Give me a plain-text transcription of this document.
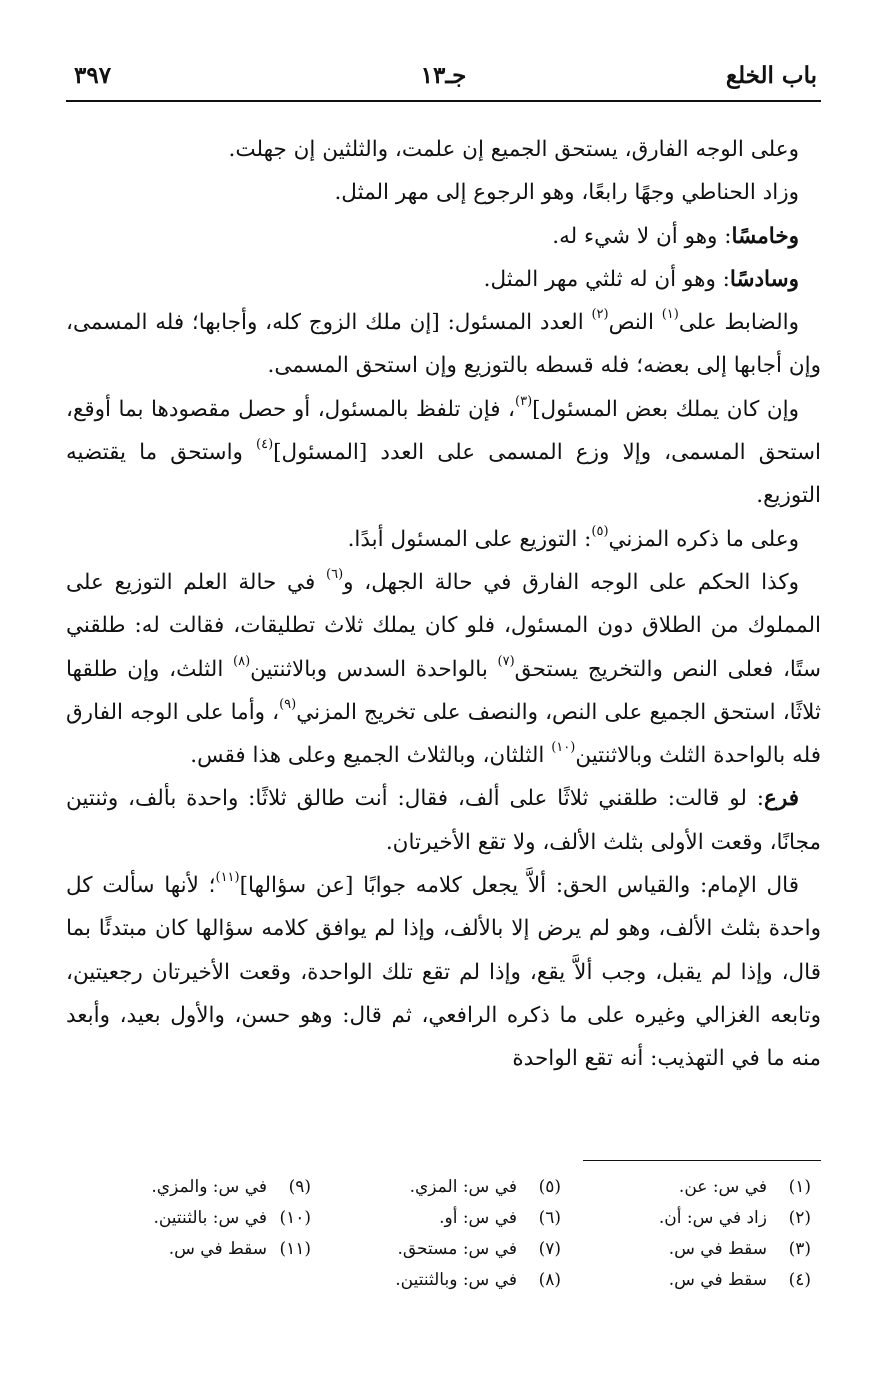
باب الخلع
جـ١٣
٣٩٧

وعلى الوجه الفارق، يستحق الجميع إن علمت، والثلثين إن جهلت.

وزاد الحناطي وجهًا رابعًا، وهو الرجوع إلى مهر المثل.

وخامسًا: وهو أن لا شيء له.

وسادسًا: وهو أن له ثلثي مهر المثل.

والضابط على$^{(١)}$ النص$^{(٢)}$ العدد المسئول: [إن ملك الزوج كله، وأجابها؛ فله المسمى، وإن أجابها إلى بعضه؛ فله قسطه بالتوزيع وإن استحق المسمى.

وإن كان يملك بعض المسئول]$^{(٣)}$، فإن تلفظ بالمسئول، أو حصل مقصودها بما أوقع، استحق المسمى، وإلا وزع المسمى على العدد [المسئول]$^{(٤)}$ واستحق ما يقتضيه التوزيع.

وعلى ما ذكره المزني$^{(٥)}$: التوزيع على المسئول أبدًا.

وكذا الحكم على الوجه الفارق في حالة الجهل، و$^{(٦)}$ في حالة العلم التوزيع على المملوك من الطلاق دون المسئول، فلو كان يملك ثلاث تطليقات، فقالت له: طلقني ستًا، فعلى النص والتخريج يستحق$^{(٧)}$ بالواحدة السدس وبالاثنتين$^{(٨)}$ الثلث، وإن طلقها ثلاثًا، استحق الجميع على النص، والنصف على تخريج المزني$^{(٩)}$، وأما على الوجه الفارق فله بالواحدة الثلث وبالاثنتين$^{(١٠)}$ الثلثان، وبالثلاث الجميع وعلى هذا فقس.

فرع: لو قالت: طلقني ثلاثًا على ألف، فقال: أنت طالق ثلاثًا: واحدة بألف، وثنتين مجانًا، وقعت الأولى بثلث الألف، ولا تقع الأخيرتان.

قال الإمام: والقياس الحق: ألاَّ يجعل كلامه جوابًا [عن سؤالها]$^{(١١)}$؛ لأنها سألت كل واحدة بثلث الألف، وهو لم يرض إلا بالألف، وإذا لم يوافق كلامه سؤالها كان مبتدئًا بما قال، وإذا لم يقبل، وجب ألاَّ يقع، وإذا لم تقع تلك الواحدة، وقعت الأخيرتان رجعيتين، وتابعه الغزالي وغيره على ما ذكره الرافعي، ثم قال: وهو حسن، والأول بعيد، وأبعد منه ما في التهذيب: أنه تقع الواحدة

(١)في س: عن.
(٢)زاد في س: أن.
(٣)سقط في س.
(٤)سقط في س.
(٥)في س: المزي.
(٦)في س: أو.
(٧)في س: مستحق.
(٨)في س: وبالثنتين.
(٩)في س: والمزي.
(١٠)في س: بالثنتين.
(١١)سقط في س.
